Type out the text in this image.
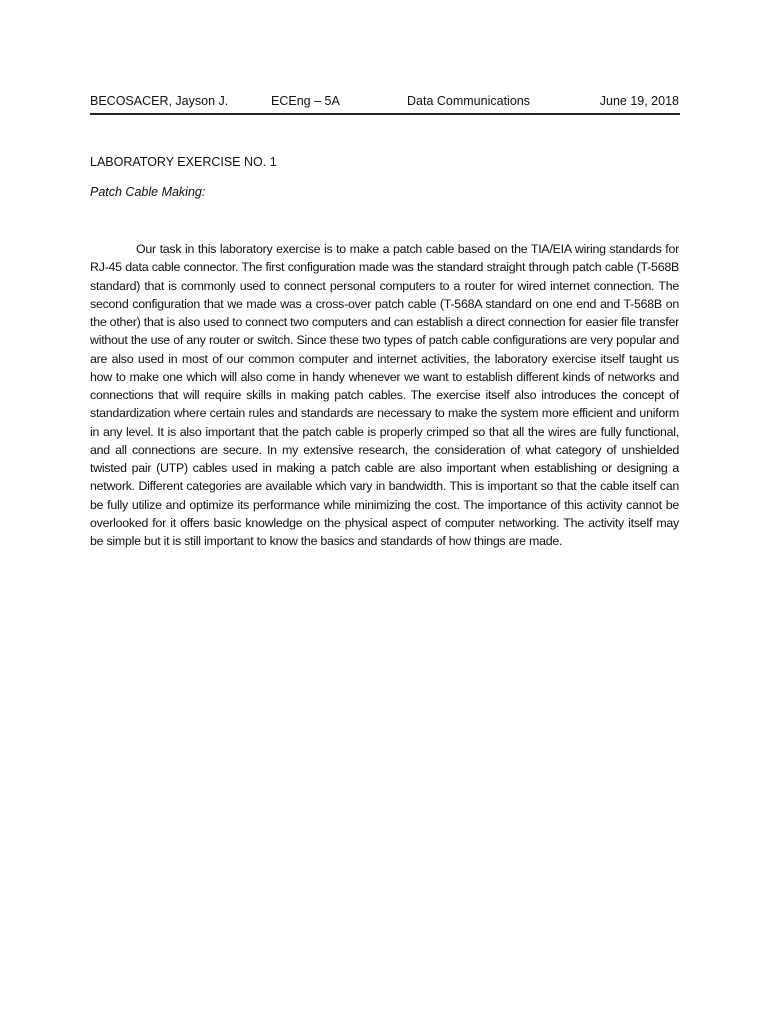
BECOSACER, Jayson J.	ECEng – 5A	Data Communications	June 19, 2018
LABORATORY EXERCISE NO. 1
Patch Cable Making:

Our task in this laboratory exercise is to make a patch cable based on the TIA/EIA wiring standards for RJ-45 data cable connector. The first configuration made was the standard straight through patch cable (T-568B standard) that is commonly used to connect personal computers to a router for wired internet connection. The second configuration that we made was a cross-over patch cable (T-568A standard on one end and T-568B on the other) that is also used to connect two computers and can establish a direct connection for easier file transfer without the use of any router or switch. Since these two types of patch cable configurations are very popular and are also used in most of our common computer and internet activities, the laboratory exercise itself taught us how to make one which will also come in handy whenever we want to establish different kinds of networks and connections that will require skills in making patch cables. The exercise itself also introduces the concept of standardization where certain rules and standards are necessary to make the system more efficient and uniform in any level. It is also important that the patch cable is properly crimped so that all the wires are fully functional, and all connections are secure. In my extensive research, the consideration of what category of unshielded twisted pair (UTP) cables used in making a patch cable are also important when establishing or designing a network. Different categories are available which vary in bandwidth. This is important so that the cable itself can be fully utilize and optimize its performance while minimizing the cost. The importance of this activity cannot be overlooked for it offers basic knowledge on the physical aspect of computer networking. The activity itself may be simple but it is still important to know the basics and standards of how things are made.
